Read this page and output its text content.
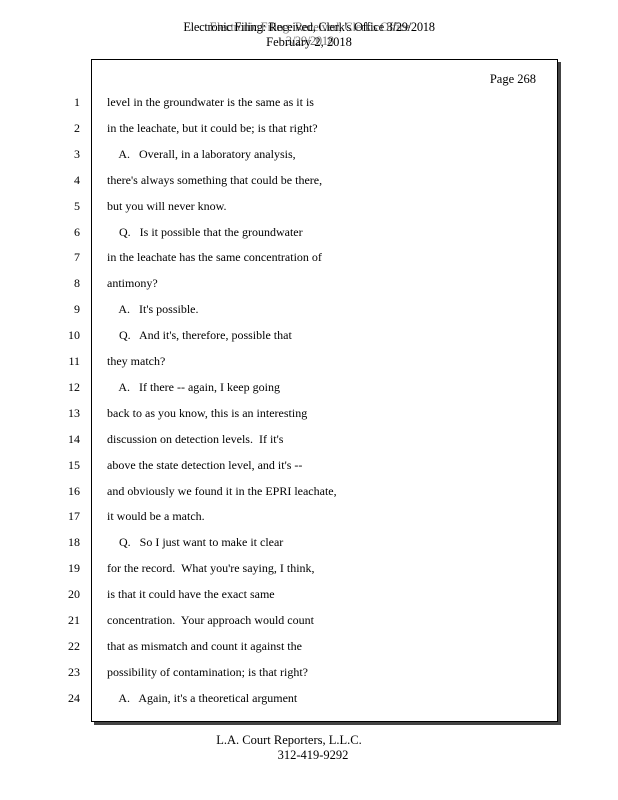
Electronic Filing: Received, Clerk's Office 3/29/2018 Electronic Filing: Received, Clerk's Office 3/29/2018
February 2, 2018
Page 268
1 level in the groundwater is the same as it is
2 in the leachate, but it could be; is that right?
3 A.   Overall, in a laboratory analysis,
4 there's always something that could be there,
5 but you will never know.
6 Q.   Is it possible that the groundwater
7 in the leachate has the same concentration of
8 antimony?
9 A.   It's possible.
10 Q.   And it's, therefore, possible that
11 they match?
12 A.   If there -- again, I keep going
13 back to as you know, this is an interesting
14 discussion on detection levels.  If it's
15 above the state detection level, and it's --
16 and obviously we found it in the EPRI leachate,
17 it would be a match.
18 Q.   So I just want to make it clear
19 for the record.  What you're saying, I think,
20 is that it could have the exact same
21 concentration.  Your approach would count
22 that as mismatch and count it against the
23 possibility of contamination; is that right?
24 A.   Again, it's a theoretical argument
L.A. Court Reporters, L.L.C.
312-419-9292
